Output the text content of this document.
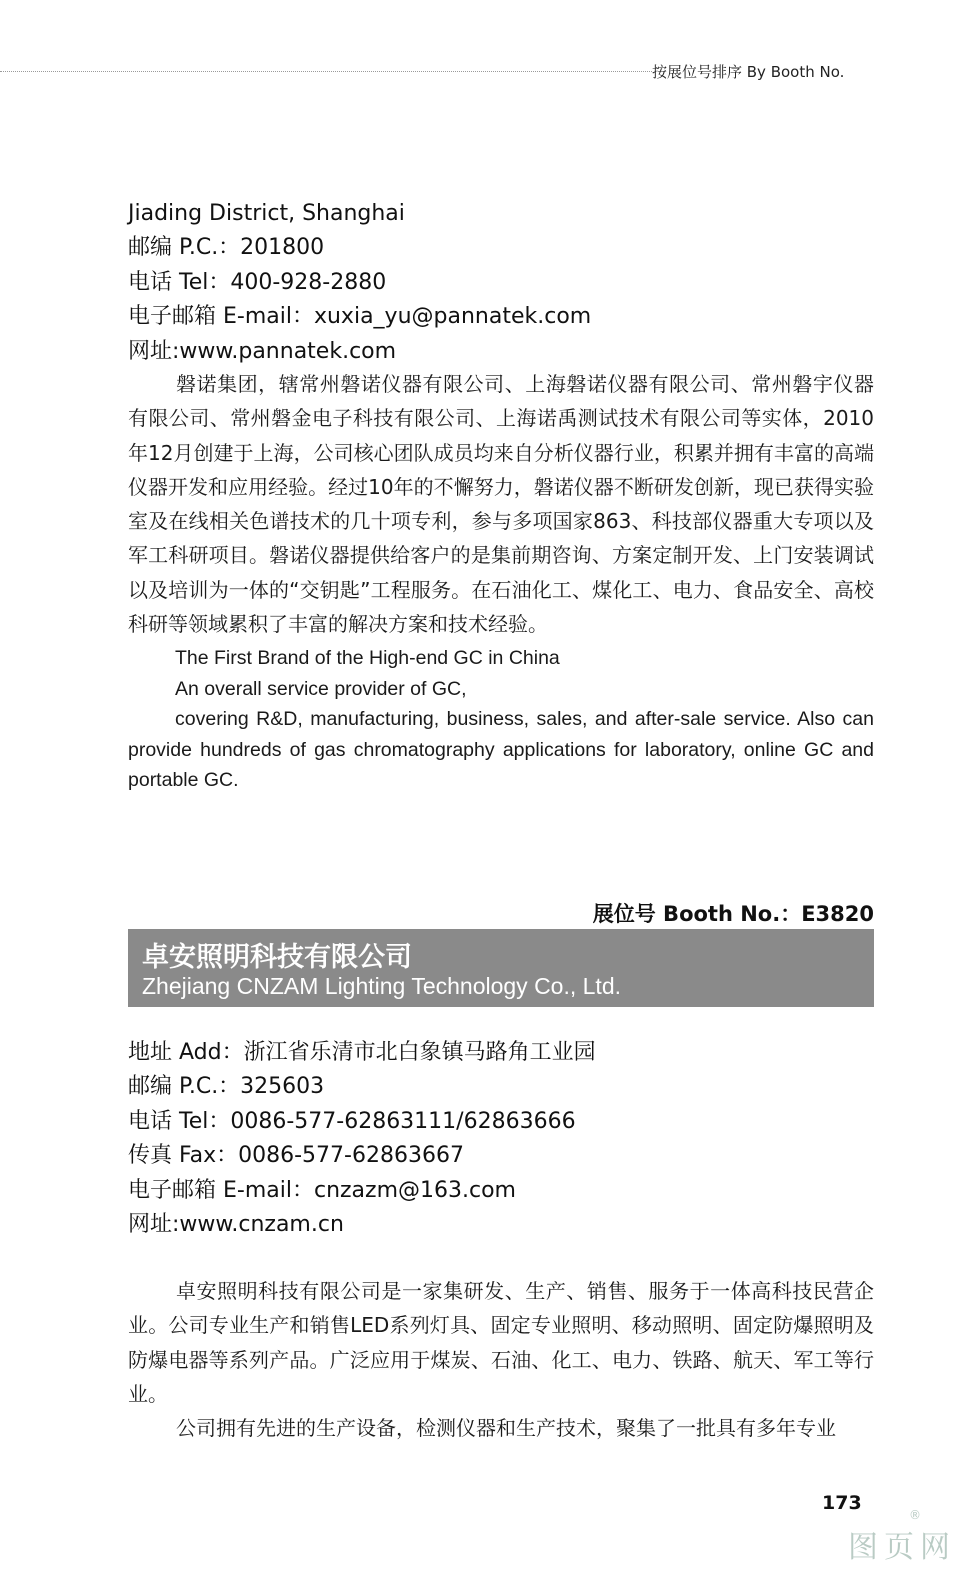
按展位号排序 By Booth No.
Jiading District, Shanghai
邮编 P.C.：201800
电话 Tel：400-928-2880
电子邮箱 E-mail：xuxia_yu@pannatek.com
网址:www.pannatek.com

磐诺集团，辖常州磐诺仪器有限公司、上海磐诺仪器有限公司、常州磐宇仪器有限公司、常州磐金电子科技有限公司、上海诺禹测试技术有限公司等实体，2010年12月创建于上海，公司核心团队成员均来自分析仪器行业，积累并拥有丰富的高端仪器开发和应用经验。经过10年的不懈努力，磐诺仪器不断研发创新，现已获得实验室及在线相关色谱技术的几十项专利，参与多项国家863、科技部仪器重大专项以及军工科研项目。磐诺仪器提供给客户的是集前期咨询、方案定制开发、上门安装调试以及培训为一体的“交钥匙”工程服务。在石油化工、煤化工、电力、食品安全、高校科研等领域累积了丰富的解决方案和技术经验。

The First Brand of the High-end GC in China
An overall service provider of GC,
covering R&D, manufacturing, business, sales, and after-sale service. Also can provide hundreds of gas chromatography applications for laboratory, online GC and portable GC.
展位号 Booth No.：E3820
卓安照明科技有限公司
Zhejiang CNZAM Lighting Technology Co., Ltd.
地址 Add：浙江省乐清市北白象镇马路角工业园
邮编 P.C.：325603
电话 Tel：0086-577-62863111/62863666
传真 Fax：0086-577-62863667
电子邮箱 E-mail：cnzazm@163.com
网址:www.cnzam.cn

卓安照明科技有限公司是一家集研发、生产、销售、服务于一体高科技民营企业。公司专业生产和销售LED系列灯具、固定专业照明、移动照明、固定防爆照明及防爆电器等系列产品。广泛应用于煤炭、石油、化工、电力、铁路、航天、军工等行业。

公司拥有先进的生产设备，检测仪器和生产技术，聚集了一批具有多年专业

173
®
图页网
